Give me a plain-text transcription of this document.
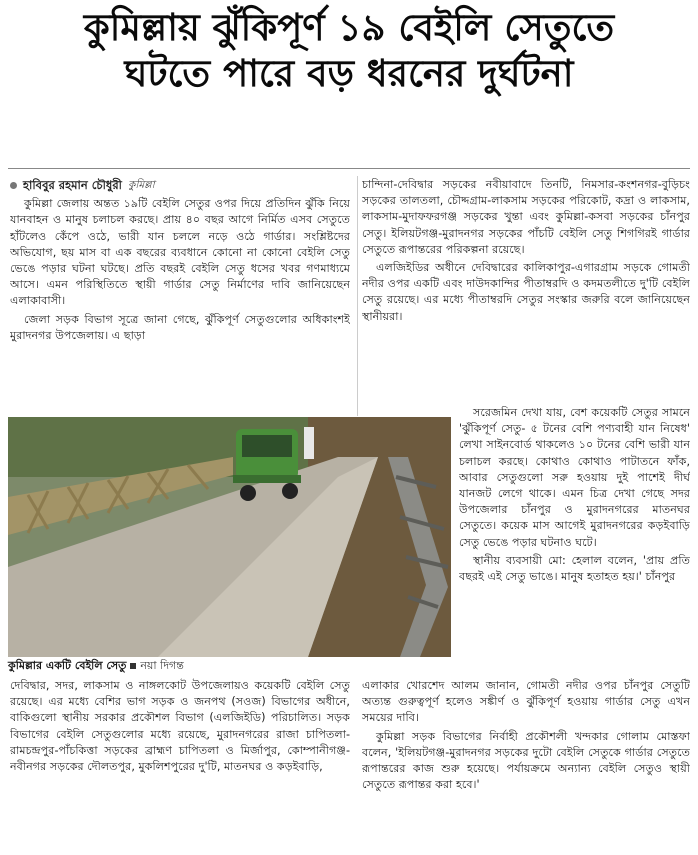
কুমিল্লায় ঝুঁকিপূর্ণ ১৯ বেইলি সেতুতে
ঘটতে পারে বড় ধরনের দুর্ঘটনা
হাবিবুর রহমান চৌধুরী কুমিল্লা

কুমিল্লা জেলায় অন্তত ১৯টি বেইলি সেতুর ওপর দিয়ে প্রতিদিন ঝুঁকি নিয়ে যানবাহন ও মানুষ চলাচল করছে। প্রায় ৪০ বছর আগে নির্মিত এসব সেতুতে হাঁটলেও কেঁপে ওঠে, ভারী যান চললে নড়ে ওঠে গার্ডার। সংশ্লিষ্টদের অভিযোগ, ছয় মাস বা এক বছরের ব্যবধানে কোনো না কোনো বেইলি সেতু ভেঙে পড়ার ঘটনা ঘটছে। প্রতি বছরই বেইলি সেতু ধসের খবর গণমাধ্যমে আসে। এমন পরিস্থিতিতে স্থায়ী গার্ডার সেতু নির্মাণের দাবি জানিয়েছেন এলাকাবাসী।

জেলা সড়ক বিভাগ সূত্রে জানা গেছে, ঝুঁকিপূর্ণ সেতুগুলোর অধিকাংশই মুরাদনগর উপজেলায়। এ ছাড়া

চান্দিনা-দেবিদ্বার সড়কের নবীয়াবাদে তিনটি, নিমসার-কংশনগর-বুড়িচং সড়কের তালতলা, চৌদ্দগ্রাম-লাকসাম সড়কের পরিকোট, কদ্রা ও লাকসাম, লাকসাম-মুদাফফরগঞ্জ সড়কের খুন্তা এবং কুমিল্লা-কসবা সড়কের চাঁনপুর সেতু। ইলিয়টগঞ্জ-মুরাদনগর সড়কের পাঁচটি বেইলি সেতু শিগগিরই গার্ডার সেতুতে রূপান্তরের পরিকল্পনা রয়েছে।

এলজিইডির অধীনে দেবিদ্বারের কালিকাপুর-এগারগ্রাম সড়কে গোমতী নদীর ওপর একটি এবং দাউদকান্দির পীতাম্বরদি ও কদমতলীতে দু'টি বেইলি সেতু রয়েছে। এর মধ্যে পীতাম্বরদি সেতুর সংস্কার জরুরি বলে জানিয়েছেন স্থানীয়রা।

কুমিল্লার একটি বেইলি সেতু নয়া দিগন্ত

সরেজমিন দেখা যায়, বেশ কয়েকটি সেতুর সামনে 'ঝুঁকিপূর্ণ সেতু- ৫ টনের বেশি পণ্যবাহী যান নিষেধ' লেখা সাইনবোর্ড থাকলেও ১০ টনের বেশি ভারী যান চলাচল করছে। কোথাও কোথাও পাটাতনে ফাঁক, আবার সেতুগুলো সরু হওয়ায় দুই পাশেই দীর্ঘ যানজট লেগে থাকে। এমন চিত্র দেখা গেছে সদর উপজেলার চাঁনপুর ও মুরাদনগরের মাতনঘর সেতুতে। কয়েক মাস আগেই মুরাদনগরের কড়ইবাড়ি সেতু ভেঙে পড়ার ঘটনাও ঘটে।

স্থানীয় ব্যবসায়ী মো: হেলাল বলেন, 'প্রায় প্রতি বছরই এই সেতু ভাঙে। মানুষ হতাহত হয়।' চাঁনপুর

দেবিদ্বার, সদর, লাকসাম ও নাঙ্গলকোট উপজেলায়ও কয়েকটি বেইলি সেতু রয়েছে। এর মধ্যে বেশির ভাগ সড়ক ও জনপথ (সওজ) বিভাগের অধীনে, বাকিগুলো স্থানীয় সরকার প্রকৌশল বিভাগ (এলজিইডি) পরিচালিত। সড়ক বিভাগের বেইলি সেতুগুলোর মধ্যে রয়েছে, মুরাদনগরের রাজা চাপিতলা-রামচন্দ্রপুর-পাঁচকিত্তা সড়কের ব্রাহ্মণ চাপিতলা ও মির্জাপুর, কোম্পানীগঞ্জ-নবীনগর সড়কের দৌলতপুর, মুকলিশপুরের দু'টি, মাতনঘর ও কড়ইবাড়ি,

এলাকার খোরশেদ আলম জানান, গোমতী নদীর ওপর চাঁনপুর সেতুটি অত্যন্ত গুরুত্বপূর্ণ হলেও সঙ্কীর্ণ ও ঝুঁকিপূর্ণ হওয়ায় গার্ডার সেতু এখন সময়ের দাবি।

কুমিল্লা সড়ক বিভাগের নির্বাহী প্রকৌশলী খন্দকার গোলাম মোস্তফা বলেন, 'ইলিয়টগঞ্জ-মুরাদনগর সড়কের দুটো বেইলি সেতুকে গার্ডার সেতুতে রূপান্তরের কাজ শুরু হয়েছে। পর্যায়ক্রমে অন্যান্য বেইলি সেতুও স্থায়ী সেতুতে রূপান্তর করা হবে।'
